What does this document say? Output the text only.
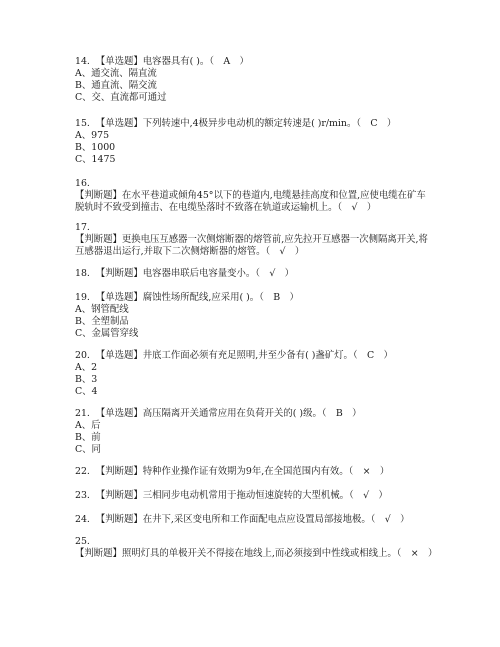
14. 【单选题】电容器具有( )。（　A　）
A、通交流、隔直流
B、通直流、隔交流
C、交、直流都可通过
15. 【单选题】下列转速中,4极异步电动机的额定转速是( )r/min。（　C　）
A、975
B、1000
C、1475
16.
【判断题】在水平巷道或倾角45°以下的巷道内,电缆悬挂高度和位置,应使电缆在矿车脱轨时不致受到撞击、在电缆坠落时不致落在轨道或运输机上。（　√　）
17.
【判断题】更换电压互感器一次侧熔断器的熔管前,应先拉开互感器一次侧隔离开关,将互感器退出运行,并取下二次侧熔断器的熔管。（　√　）
18. 【判断题】电容器串联后电容量变小。（　√　）
19. 【单选题】腐蚀性场所配线,应采用( )。（　B　）
A、钢管配线
B、全塑制品
C、金属管穿线
20. 【单选题】井底工作面必须有充足照明,井至少备有( )盏矿灯。（　C　）
A、2
B、3
C、4
21. 【单选题】高压隔离开关通常应用在负荷开关的( )级。（　B　）
A、后
B、前
C、同
22. 【判断题】特种作业操作证有效期为9年,在全国范围内有效。（　×　）
23. 【判断题】三相同步电动机常用于拖动恒速旋转的大型机械。（　√　）
24. 【判断题】在井下,采区变电所和工作面配电点应设置局部接地极。（　√　）
25.
【判断题】照明灯具的单极开关不得接在地线上,而必须接到中性线或相线上。（　×　）
